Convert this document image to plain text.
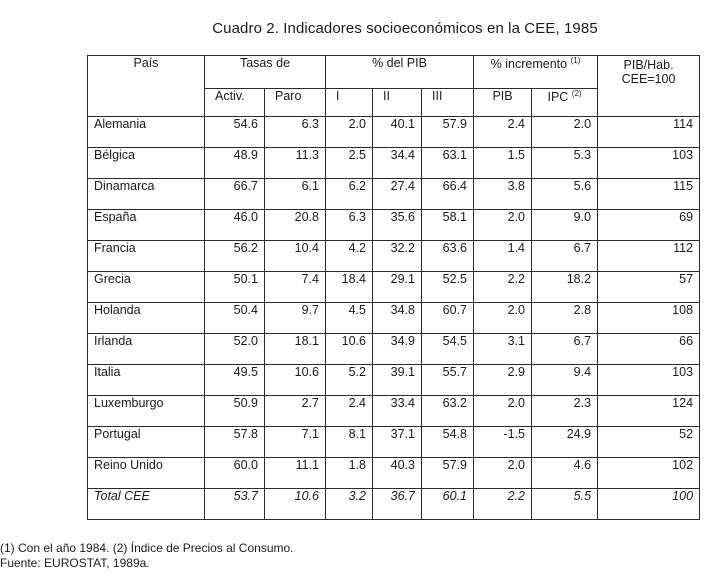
Cuadro 2. Indicadores socioeconómicos en la CEE, 1985
País	Tasas de		% del PIB			% incremento $^{(1)}$		PIB/Hab.
CEE=100

	Activ.	Paro	I	II	III	PIB	IPC $^{(2)}$
Alemania	54.6	6.3	2.0	40.1	57.9	2.4	2.0	114
Bélgica	48.9	11.3	2.5	34.4	63.1	1.5	5.3	103
Dinamarca	66.7	6.1	6.2	27.4	66.4	3.8	5.6	115
España	46.0	20.8	6.3	35.6	58.1	2.0	9.0	69
Francia	56.2	10.4	4.2	32.2	63.6	1.4	6.7	112
Grecia	50.1	7.4	18.4	29.1	52.5	2.2	18.2	57
Holanda	50.4	9.7	4.5	34.8	60.7	2.0	2.8	108
Irlanda	52.0	18.1	10.6	34.9	54.5	3.1	6.7	66
Italia	49.5	10.6	5.2	39.1	55.7	2.9	9.4	103
Luxemburgo	50.9	2.7	2.4	33.4	63.2	2.0	2.3	124
Portugal	57.8	7.1	8.1	37.1	54.8	-1.5	24.9	52
Reino Unido	60.0	11.1	1.8	40.3	57.9	2.0	4.6	102
Total CEE	53.7	10.6	3.2	36.7	60.1	2.2	5.5	100
(1) Con el año 1984. (2) Índice de Precios al Consumo.
Fuente: EUROSTAT, 1989a.
